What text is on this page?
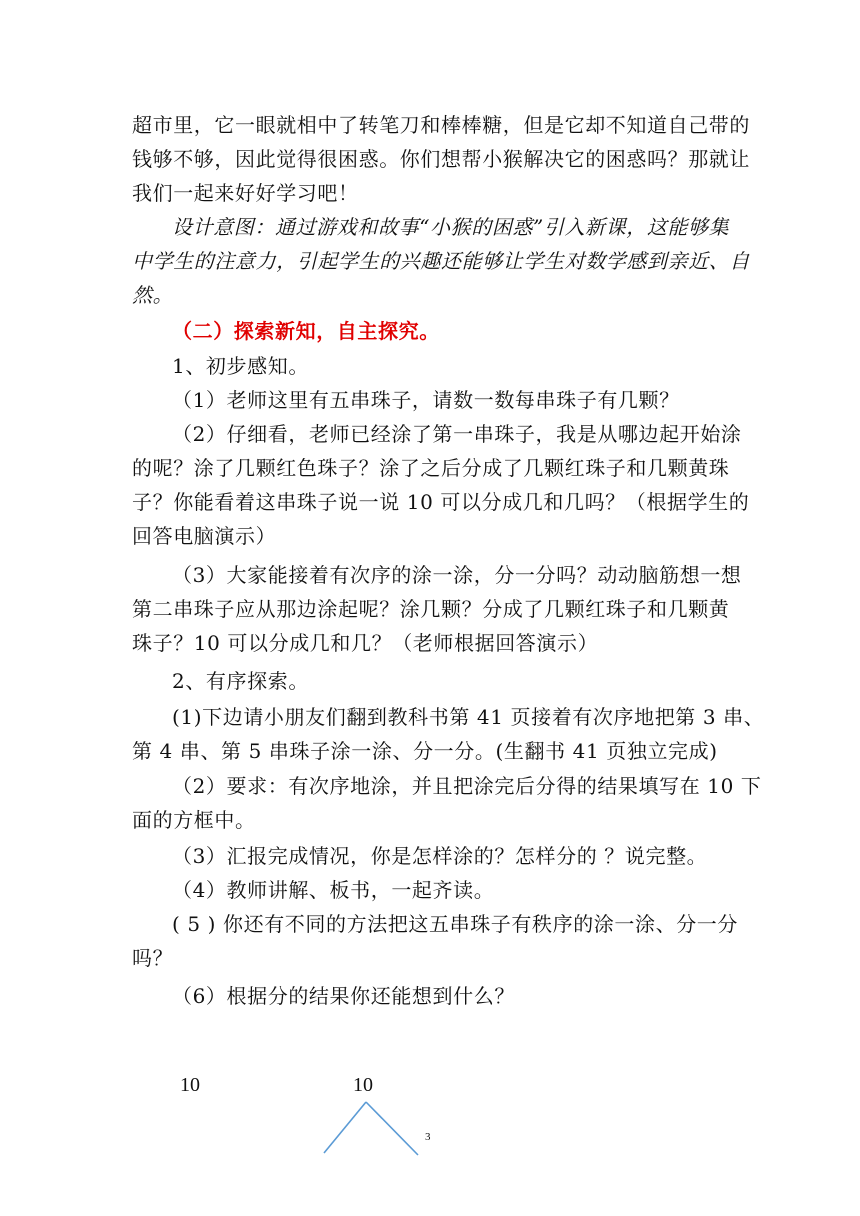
超市里，它一眼就相中了转笔刀和棒棒糖，但是它却不知道自己带的
钱够不够，因此觉得很困惑。你们想帮小猴解决它的困惑吗？那就让
我们一起来好好学习吧！
设计意图：通过游戏和故事“小猴的困惑”引入新课，这能够集
中学生的注意力，引起学生的兴趣还能够让学生对数学感到亲近、自
然。
（二）探索新知，自主探究。
1、初步感知。
（1）老师这里有五串珠子，请数一数每串珠子有几颗？
（2）仔细看，老师已经涂了第一串珠子，我是从哪边起开始涂
的呢？涂了几颗红色珠子？涂了之后分成了几颗红珠子和几颗黄珠
子？你能看着这串珠子说一说 10 可以分成几和几吗？（根据学生的
回答电脑演示）
（3）大家能接着有次序的涂一涂，分一分吗？动动脑筋想一想
第二串珠子应从那边涂起呢？涂几颗？分成了几颗红珠子和几颗黄
珠子？10 可以分成几和几？（老师根据回答演示）
2、有序探索。
(1)下边请小朋友们翻到教科书第 41 页接着有次序地把第 3 串、
第 4 串、第 5 串珠子涂一涂、分一分。(生翻书 41 页独立完成)
（2）要求：有次序地涂，并且把涂完后分得的结果填写在 10 下
面的方框中。
（3）汇报完成情况，你是怎样涂的？怎样分的 ？说完整。
（4）教师讲解、板书，一起齐读。
( 5 ) 你还有不同的方法把这五串珠子有秩序的涂一涂、分一分
吗？
（6）根据分的结果你还能想到什么？
10	10
3
